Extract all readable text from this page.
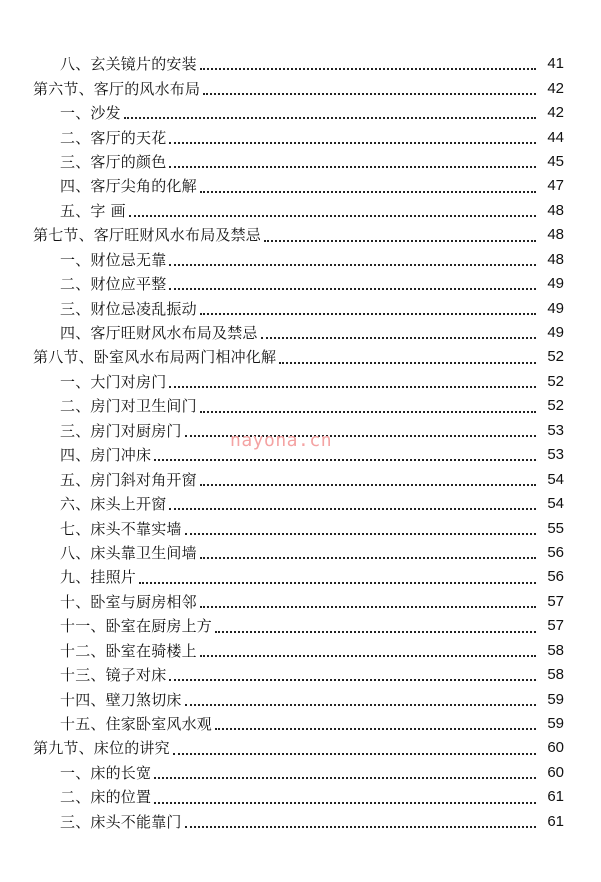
八、玄关镜片的安装	41
第六节、客厅的风水布局	42
一、沙发	42
二、客厅的天花	44
三、客厅的颜色	45
四、客厅尖角的化解	47
五、字 画	48
第七节、客厅旺财风水布局及禁忌	48
一、财位忌无靠	48
二、财位应平整	49
三、财位忌凌乱振动	49
四、客厅旺财风水布局及禁忌	49
第八节、卧室风水布局两门相冲化解	52
一、大门对房门	52
二、房门对卫生间门	52
三、房门对厨房门	53
四、房门冲床	53
五、房门斜对角开窗	54
六、床头上开窗	54
七、床头不靠实墙	55
八、床头靠卫生间墙	56
九、挂照片	56
十、卧室与厨房相邻	57
十一、卧室在厨房上方	57
十二、卧室在骑楼上	58
十三、镜子对床	58
十四、壁刀煞切床	59
十五、住家卧室风水观	59
第九节、床位的讲究	60
一、床的长宽	60
二、床的位置	61
三、床头不能靠门	61
nayona.cn
